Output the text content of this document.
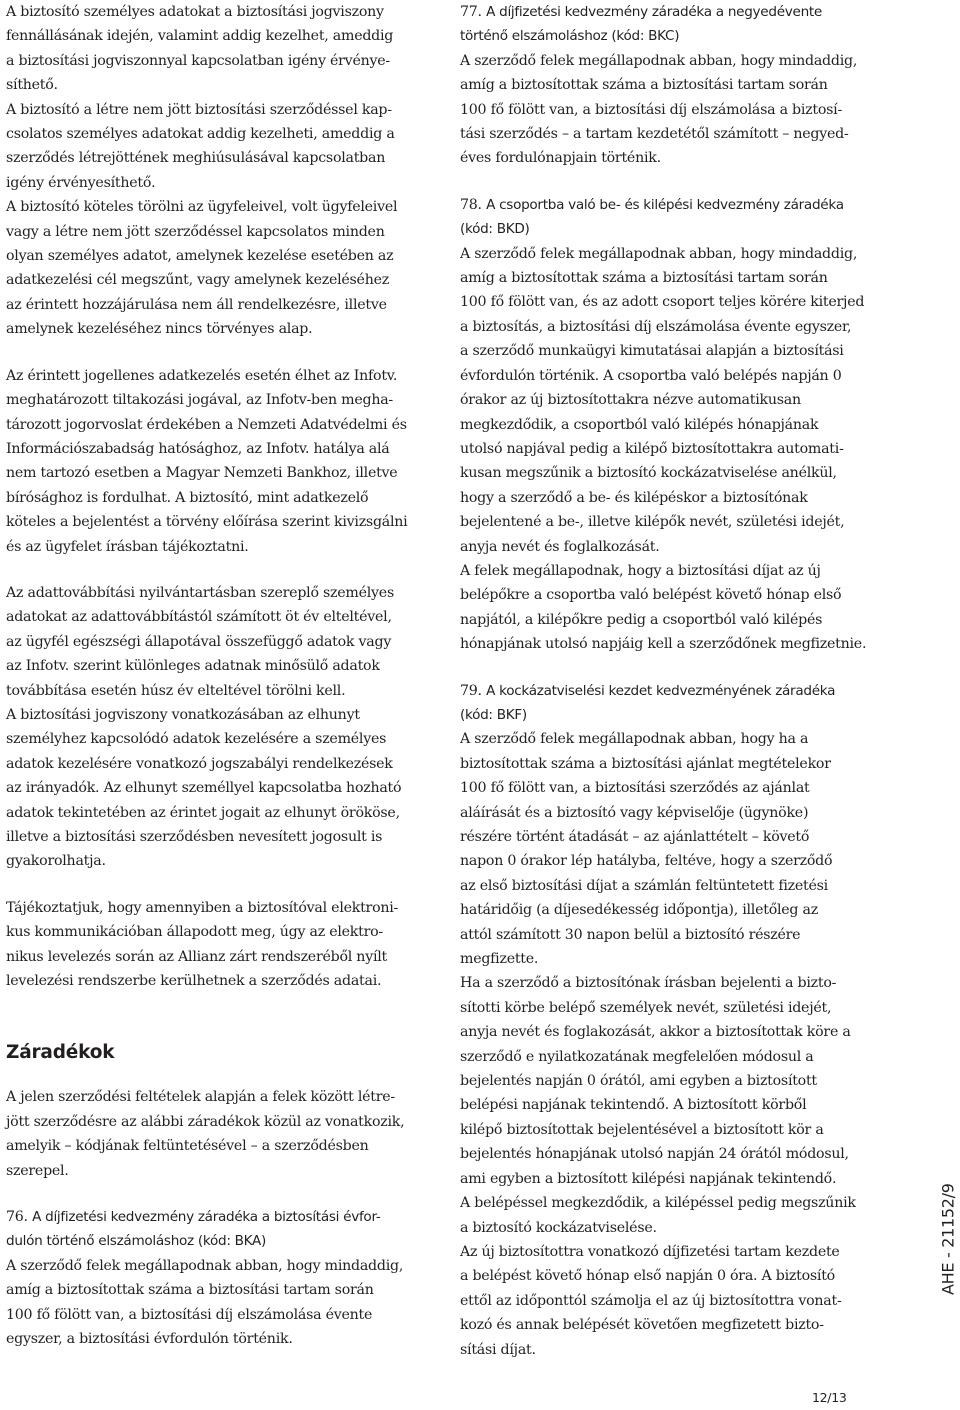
A biztosító személyes adatokat a biztosítási jogviszony

fennállásának idején, valamint addig kezelhet, ameddig

a biztosítási jogviszonnyal kapcsolatban igény érvénye-

síthető.

A biztosító a létre nem jött biztosítási szerződéssel kap-

csolatos személyes adatokat addig kezelheti, ameddig a

szerződés létrejöttének meghiúsulásával kapcsolatban

igény érvényesíthető.

A biztosító köteles törölni az ügyfeleivel, volt ügyfeleivel

vagy a létre nem jött szerződéssel kapcsolatos minden

olyan személyes adatot, amelynek kezelése esetében az

adatkezelési cél megszűnt, vagy amelynek kezeléséhez

az érintett hozzájárulása nem áll rendelkezésre, illetve

amelynek kezeléséhez nincs törvényes alap.

Az érintett jogellenes adatkezelés esetén élhet az Infotv.

meghatározott tiltakozási jogával, az Infotv-ben megha-

tározott jogorvoslat érdekében a Nemzeti Adatvédelmi és

Információszabadság hatósághoz, az Infotv. hatálya alá

nem tartozó esetben a Magyar Nemzeti Bankhoz, illetve

bírósághoz is fordulhat. A biztosító, mint adatkezelő

köteles a bejelentést a törvény előírása szerint kivizsgálni

és az ügyfelet írásban tájékoztatni.

Az adattovábbítási nyilvántartásban szereplő személyes

adatokat az adattovábbítástól számított öt év elteltével,

az ügyfél egészségi állapotával összefüggő adatok vagy

az Infotv. szerint különleges adatnak minősülő adatok

továbbítása esetén húsz év elteltével törölni kell.

A biztosítási jogviszony vonatkozásában az elhunyt

személyhez kapcsolódó adatok kezelésére a személyes

adatok kezelésére vonatkozó jogszabályi rendelkezések

az irányadók. Az elhunyt személlyel kapcsolatba hozható

adatok tekintetében az érintet jogait az elhunyt örököse,

illetve a biztosítási szerződésben nevesített jogosult is

gyakorolhatja.

Tájékoztatjuk, hogy amennyiben a biztosítóval elektroni-

kus kommunikációban állapodott meg, úgy az elektro-

nikus levelezés során az Allianz zárt rendszeréből nyílt

levelezési rendszerbe kerülhetnek a szerződés adatai.

Záradékok

A jelen szerződési feltételek alapján a felek között létre-

jött szerződésre az alábbi záradékok közül az vonatkozik,

amelyik – kódjának feltüntetésével – a szerződésben

szerepel.

76. A díjfizetési kedvezmény záradéka a biztosítási évfor-

dulón történő elszámoláshoz (kód: BKA)

A szerződő felek megállapodnak abban, hogy mindaddig,

amíg a biztosítottak száma a biztosítási tartam során

100 fő fölött van, a biztosítási díj elszámolása évente

egyszer, a biztosítási évfordulón történik.

77. A díjfizetési kedvezmény záradéka a negyedévente

történő elszámoláshoz (kód: BKC)

A szerződő felek megállapodnak abban, hogy mindaddig,

amíg a biztosítottak száma a biztosítási tartam során

100 fő fölött van, a biztosítási díj elszámolása a biztosí-

tási szerződés – a tartam kezdetétől számított – negyed-

éves fordulónapjain történik.

78. A csoportba való be- és kilépési kedvezmény záradéka

(kód: BKD)

A szerződő felek megállapodnak abban, hogy mindaddig,

amíg a biztosítottak száma a biztosítási tartam során

100 fő fölött van, és az adott csoport teljes körére kiterjed

a biztosítás, a biztosítási díj elszámolása évente egyszer,

a szerződő munkaügyi kimutatásai alapján a biztosítási

évfordulón történik. A csoportba való belépés napján 0

órakor az új biztosítottakra nézve automatikusan

megkezdődik, a csoportból való kilépés hónapjának

utolsó napjával pedig a kilépő biztosítottakra automati-

kusan megszűnik a biztosító kockázatviselése anélkül,

hogy a szerződő a be- és kilépéskor a biztosítónak

bejelentené a be-, illetve kilépők nevét, születési idejét,

anyja nevét és foglalkozását.

A felek megállapodnak, hogy a biztosítási díjat az új

belépőkre a csoportba való belépést követő hónap első

napjától, a kilépőkre pedig a csoportból való kilépés

hónapjának utolsó napjáig kell a szerződőnek megfizetnie.

79. A kockázatviselési kezdet kedvezményének záradéka

(kód: BKF)

A szerződő felek megállapodnak abban, hogy ha a

biztosítottak száma a biztosítási ajánlat megtételekor

100 fő fölött van, a biztosítási szerződés az ajánlat

aláírását és a biztosító vagy képviselője (ügynöke)

részére történt átadását – az ajánlattételt – követő

napon 0 órakor lép hatályba, feltéve, hogy a szerződő

az első biztosítási díjat a számlán feltüntetett fizetési

határidőig (a díjesedékesség időpontja), illetőleg az

attól számított 30 napon belül a biztosító részére

megfizette.

Ha a szerződő a biztosítónak írásban bejelenti a bizto-

sítotti körbe belépő személyek nevét, születési idejét,

anyja nevét és foglakozását, akkor a biztosítottak köre a

szerződő e nyilatkozatának megfelelően módosul a

bejelentés napján 0 órától, ami egyben a biztosított

belépési napjának tekintendő. A biztosított körből

kilépő biztosítottak bejelentésével a biztosított kör a

bejelentés hónapjának utolsó napján 24 órától módosul,

ami egyben a biztosított kilépési napjának tekintendő.

A belépéssel megkezdődik, a kilépéssel pedig megszűnik

a biztosító kockázatviselése.

Az új biztosítottra vonatkozó díjfizetési tartam kezdete

a belépést követő hónap első napján 0 óra. A biztosító

ettől az időponttól számolja el az új biztosítottra vonat-

kozó és annak belépését követően megfizetett bizto-

sítási díjat.

AHE - 21152/9
12/13
